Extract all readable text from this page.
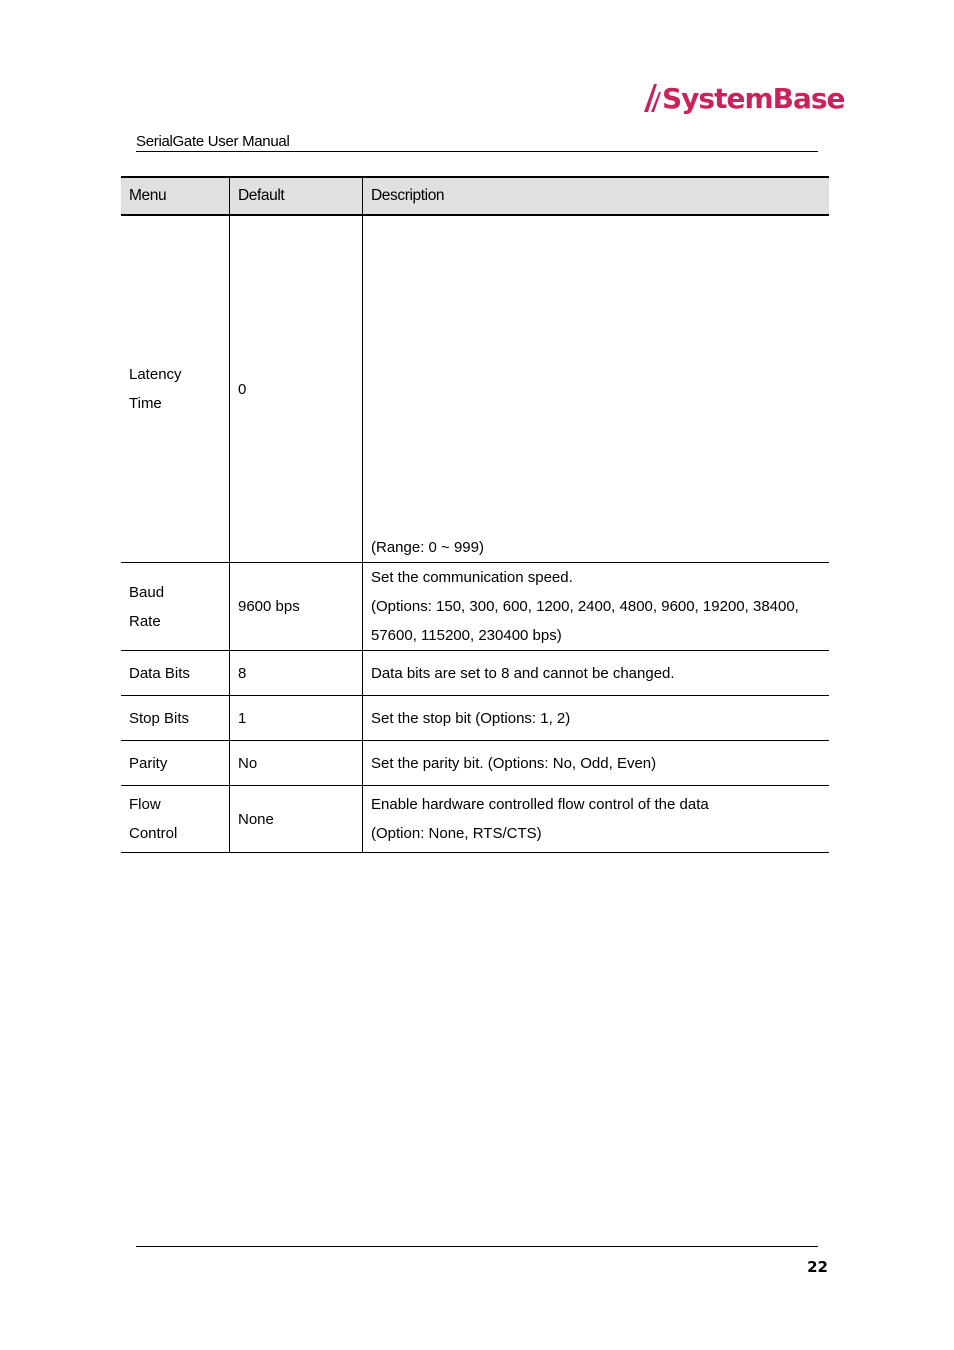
SystemBase
SerialGate User Manual
Menu	Default	Description

Latency
Time	0	(Range: 0 ~ 999)

Baud
Rate	9600 bps	Set the communication speed.
(Options: 150, 300, 600, 1200, 2400, 4800, 9600, 19200, 38400,
57600, 115200, 230400 bps)

Data Bits	8	Data bits are set to 8 and cannot be changed.
Stop Bits	1	Set the stop bit (Options: 1, 2)
Parity	No	Set the parity bit. (Options: No, Odd, Even)

Flow
Control	None	Enable hardware controlled flow control of the data
(Option: None, RTS/CTS)
22
